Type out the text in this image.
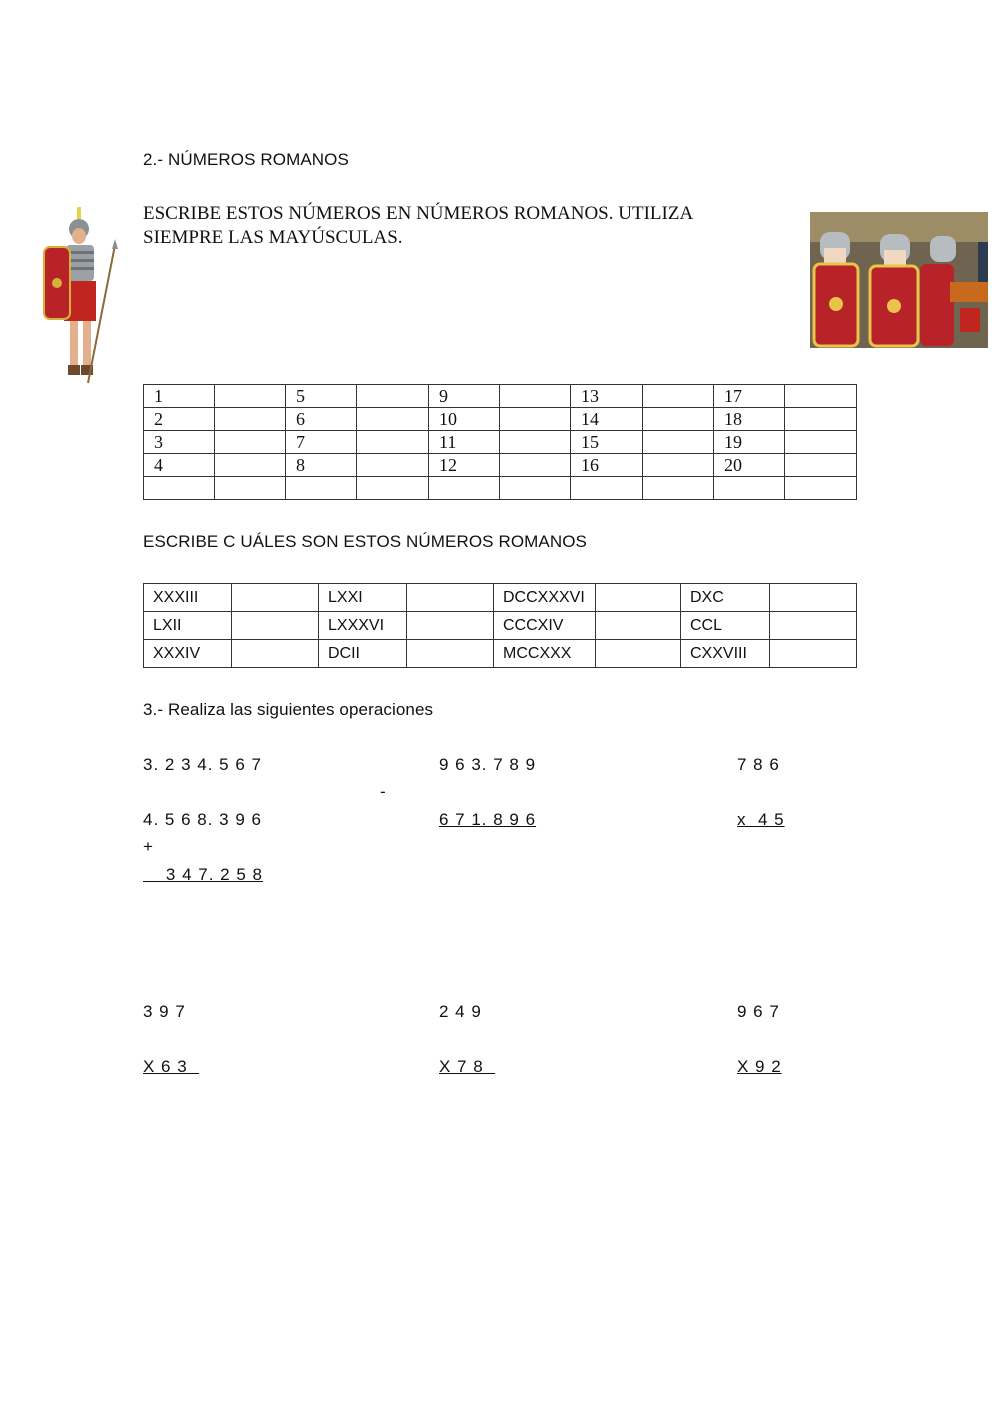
2.- NÚMEROS ROMANOS
ESCRIBE ESTOS NÚMEROS EN NÚMEROS ROMANOS. UTILIZA
SIEMPRE LAS MAYÚSCULAS.
1		5		9		13		17	
2		6		10		14		18	
3		7		11		15		19	
4		8		12		16		20	

ESCRIBE C UÁLES SON ESTOS NÚMEROS ROMANOS
XXXIII		LXXI		DCCXXXVI		DXC	
LXII		LXXXVI		CCCXIV		CCL	
XXXIV		DCII		MCCXXX		CXXVIII	
3.- Realiza las siguientes operaciones
3. 2 3 4. 5 6 7
4. 5 6 8. 3 9 6
+
3 4 7. 2 5 8
9 6 3. 7 8 9
-
6 7 1. 8 9 6
7 8 6
x  4 5
3 9 7
X 6 3
2 4 9
X 7 8
9 6 7
X 9 2
